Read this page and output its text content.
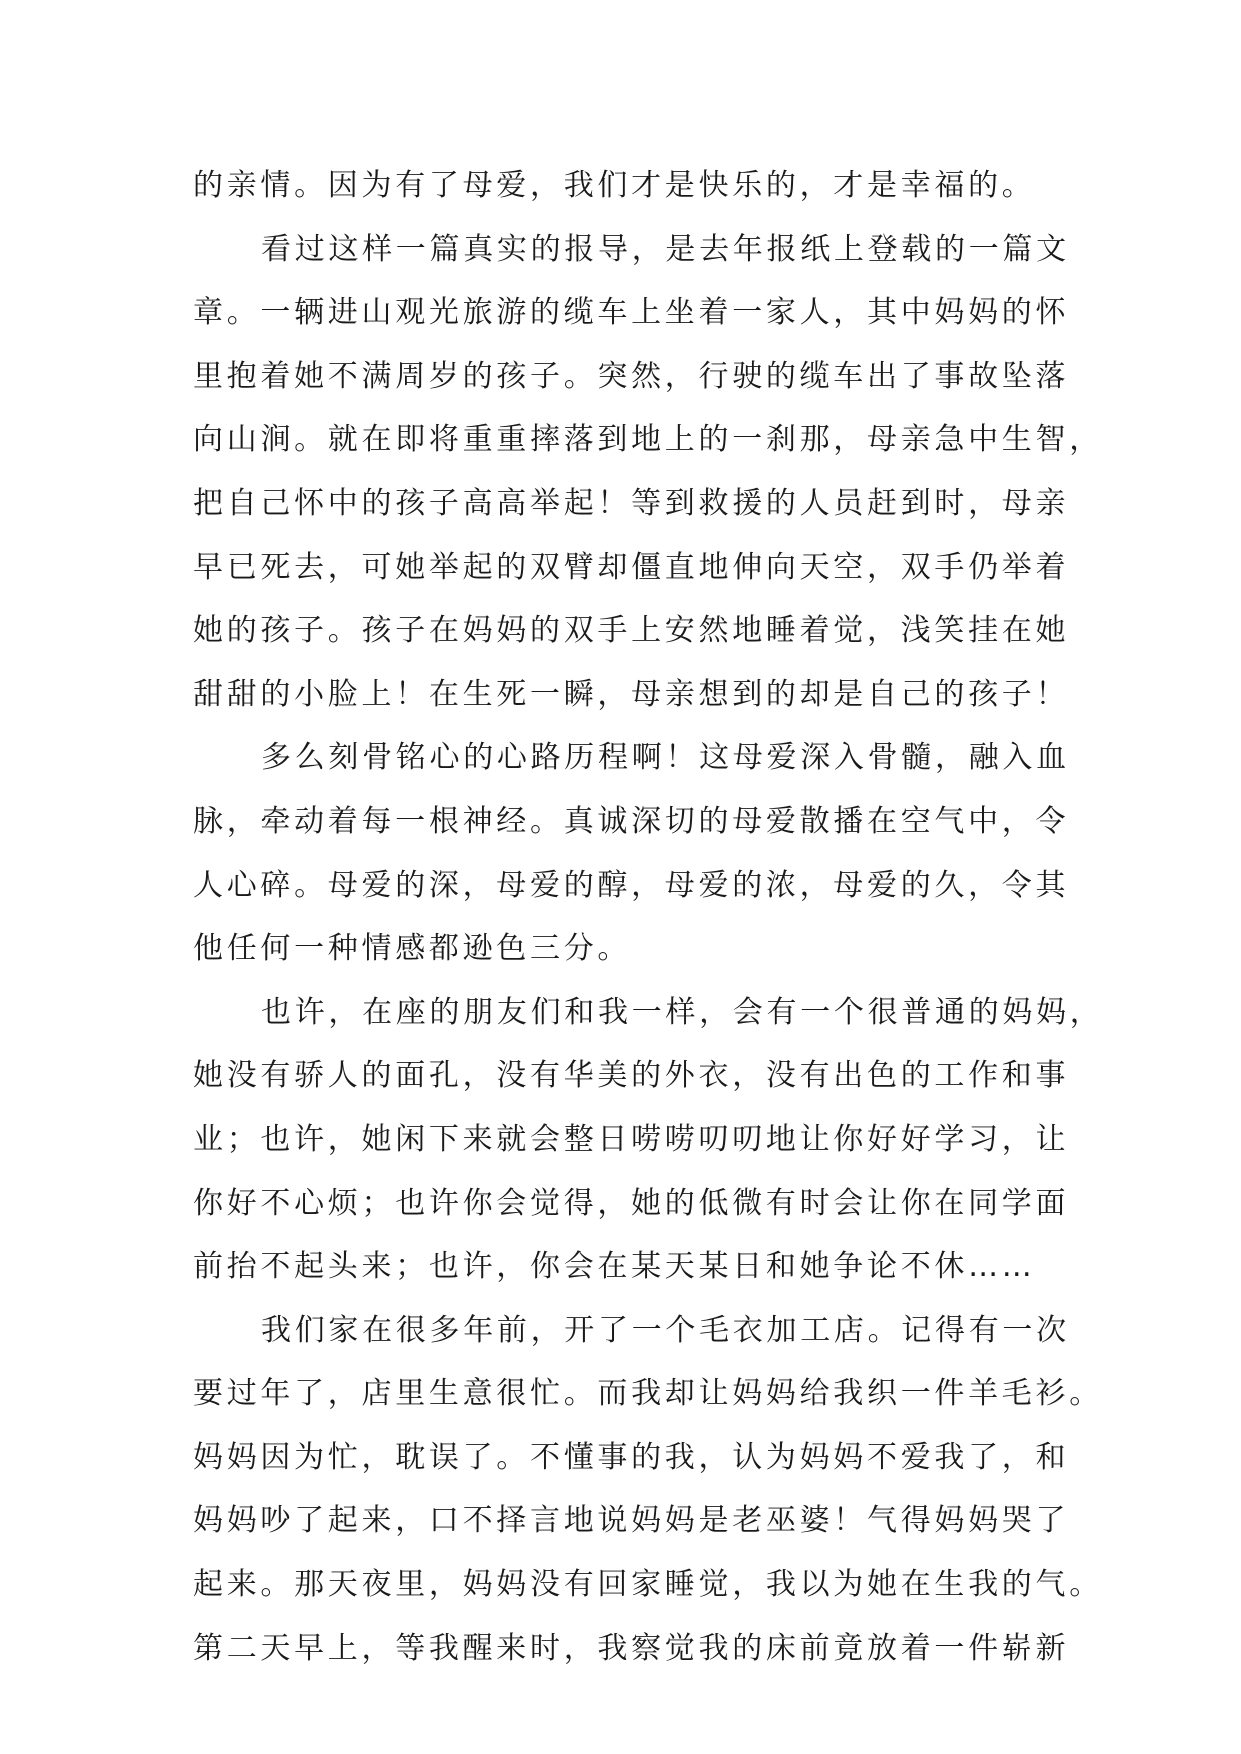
的亲情。因为有了母爱，我们才是快乐的，才是幸福的。
看过这样一篇真实的报导，是去年报纸上登载的一篇文
章。一辆进山观光旅游的缆车上坐着一家人，其中妈妈的怀
里抱着她不满周岁的孩子。突然，行驶的缆车出了事故坠落
向山涧。就在即将重重摔落到地上的一刹那，母亲急中生智，
把自己怀中的孩子高高举起！等到救援的人员赶到时，母亲
早已死去，可她举起的双臂却僵直地伸向天空，双手仍举着
她的孩子。孩子在妈妈的双手上安然地睡着觉，浅笑挂在她
甜甜的小脸上！在生死一瞬，母亲想到的却是自己的孩子！
多么刻骨铭心的心路历程啊！这母爱深入骨髓，融入血
脉，牵动着每一根神经。真诚深切的母爱散播在空气中，令
人心碎。母爱的深，母爱的醇，母爱的浓，母爱的久，令其
他任何一种情感都逊色三分。
也许，在座的朋友们和我一样，会有一个很普通的妈妈，
她没有骄人的面孔，没有华美的外衣，没有出色的工作和事
业；也许，她闲下来就会整日唠唠叨叨地让你好好学习，让
你好不心烦；也许你会觉得，她的低微有时会让你在同学面
前抬不起头来；也许，你会在某天某日和她争论不休……
我们家在很多年前，开了一个毛衣加工店。记得有一次
要过年了，店里生意很忙。而我却让妈妈给我织一件羊毛衫。
妈妈因为忙，耽误了。不懂事的我，认为妈妈不爱我了，和
妈妈吵了起来，口不择言地说妈妈是老巫婆！气得妈妈哭了
起来。那天夜里，妈妈没有回家睡觉，我以为她在生我的气。
第二天早上，等我醒来时，我察觉我的床前竟放着一件崭新
